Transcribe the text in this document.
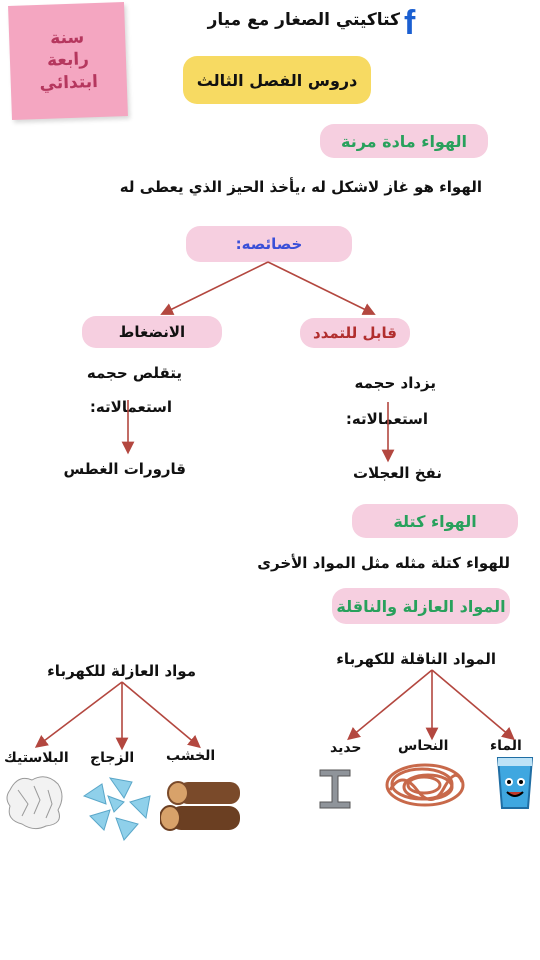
سنة
رابعة
ابتدائي
f
كتاكيتي الصغار مع ميار
دروس الفصل الثالث
الهواء مادة مرنة
الهواء هو غاز لاشكل له ،يأخذ الحيز الذي يعطى له
خصائصه:
الانضغاط	قابل للتمدد
يتقلص حجمه
استعمالاته:
قارورات الغطس
يزداد حجمه
استعمالاته:
نفخ العجلات
الهواء كتلة
للهواء كتلة مثله مثل المواد الأخرى
المواد العازلة والناقلة
المواد الناقلة للكهرباء
مواد العازلة للكهرباء
الماء
النحاس
حديد
الخشب
الزجاج
البلاستيك
